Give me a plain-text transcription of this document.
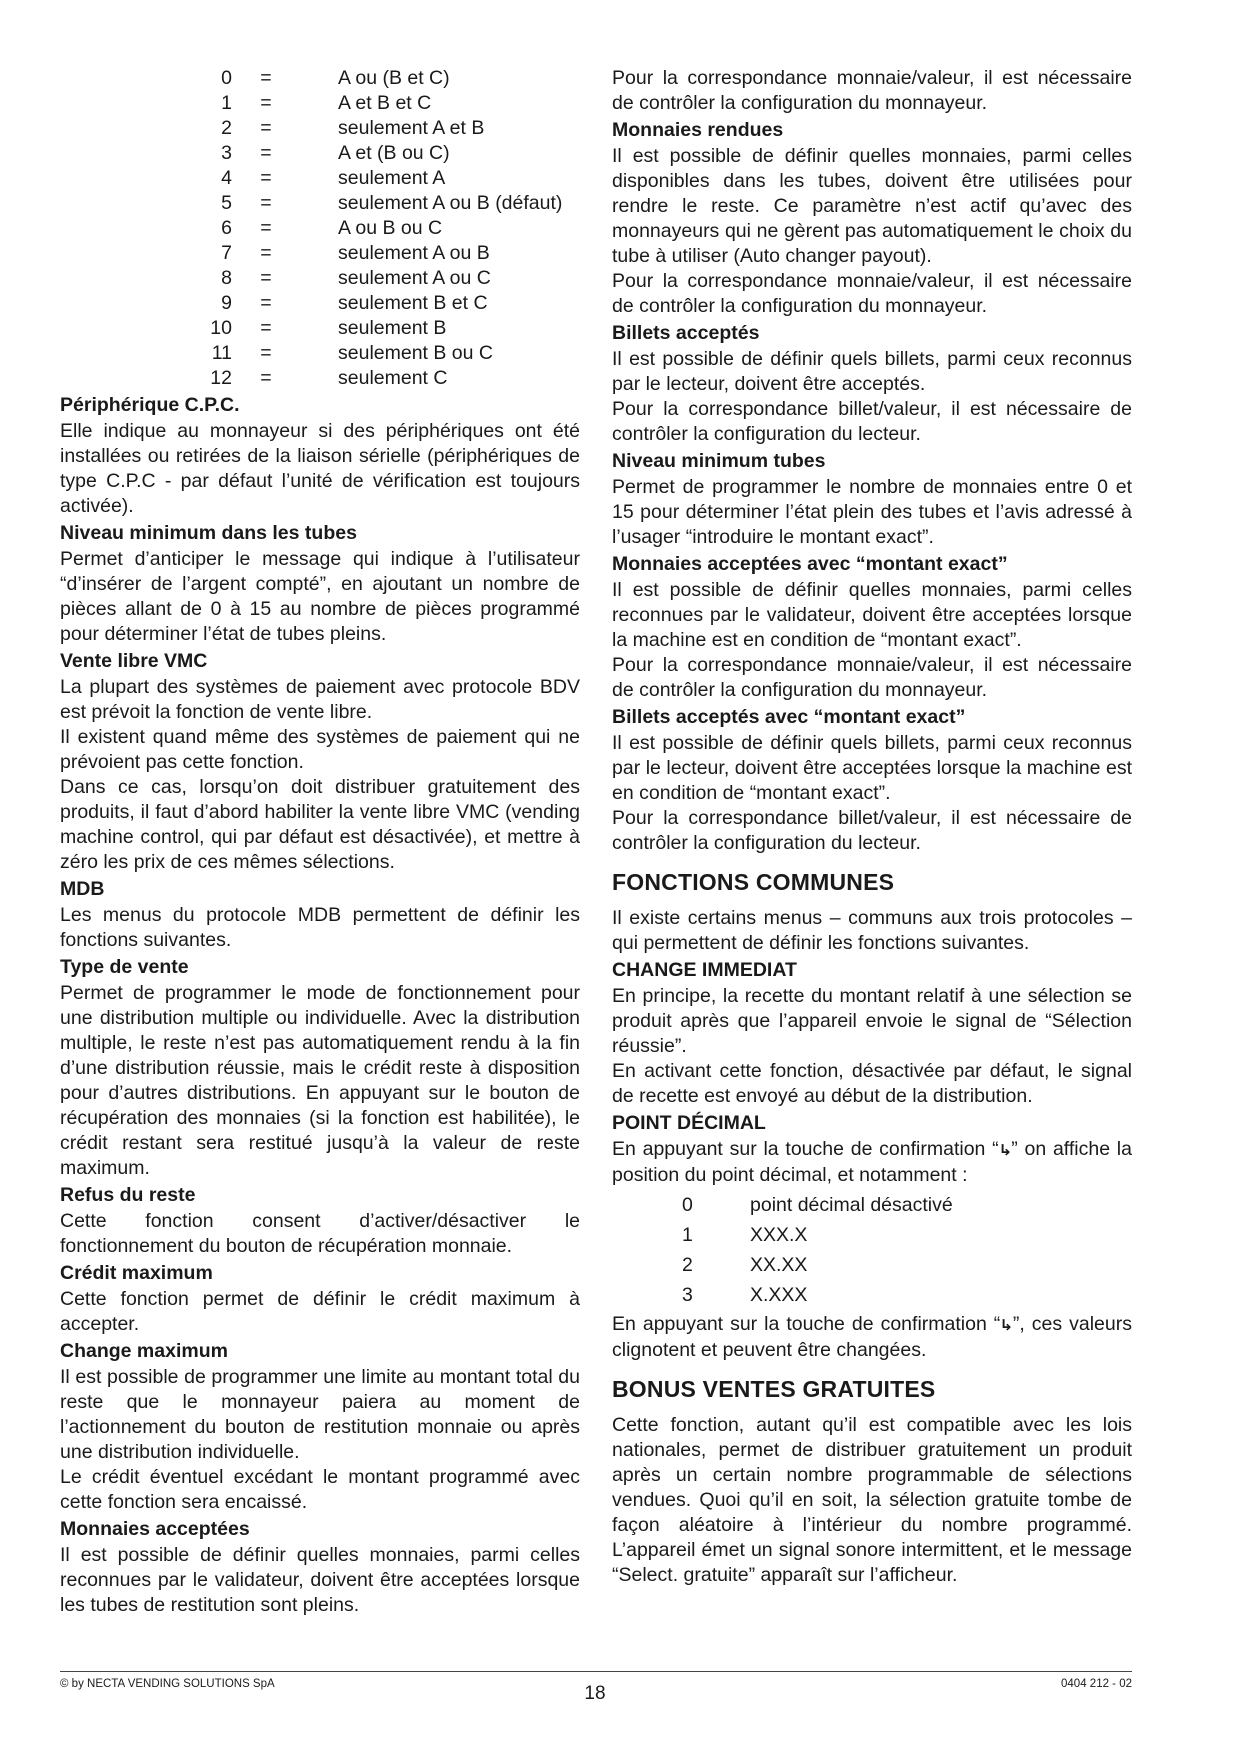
0	=	A ou (B et C)
1	=	A et B et C
2	=	seulement A et B
3	=	A et (B ou C)
4	=	seulement A
5	=	seulement A ou B (défaut)
6	=	A ou B ou C
7	=	seulement A ou B
8	=	seulement A ou C
9	=	seulement B et C
10	=	seulement B
11	=	seulement B ou C
12	=	seulement C
Périphérique C.P.C.

Elle indique au monnayeur si des périphériques ont été installées ou retirées de la liaison sérielle (périphériques de type C.P.C - par défaut l’unité de vérification est toujours activée).

Niveau minimum dans les tubes

Permet d’anticiper le message qui indique à l’utilisateur “d’insérer de l’argent compté”, en ajoutant un nombre de pièces allant de 0 à 15 au nombre de pièces programmé pour déterminer l’état de tubes pleins.

Vente libre VMC

La plupart des systèmes de paiement avec protocole BDV est prévoit la fonction de vente libre.

Il existent quand même des systèmes de paiement qui ne prévoient pas cette fonction.

Dans ce cas, lorsqu’on doit distribuer gratuitement des produits, il faut d’abord habiliter la vente libre VMC (vending machine control, qui par défaut est désactivée), et mettre à zéro les prix de ces mêmes sélections.

MDB

Les menus du protocole MDB permettent de définir les fonctions suivantes.

Type de vente

Permet de programmer le mode de fonctionnement pour une distribution multiple ou individuelle. Avec la distribution multiple, le reste n’est pas automatiquement rendu à la fin d’une distribution réussie, mais le crédit reste à disposition pour d’autres distributions. En appuyant sur le bouton de récupération des monnaies (si la fonction est habilitée), le crédit restant sera restitué jusqu’à la valeur de reste maximum.

Refus du reste

Cette fonction consent d’activer/désactiver le fonctionnement du bouton de récupération monnaie.

Crédit maximum

Cette fonction permet de définir le crédit maximum à accepter.

Change maximum

Il est possible de programmer une limite au montant total du reste que le monnayeur paiera au moment de l’actionnement du bouton de restitution monnaie ou après une distribution individuelle.

Le crédit éventuel excédant le montant programmé avec cette fonction sera encaissé.

Monnaies acceptées

Il est possible de définir quelles monnaies, parmi celles reconnues par le validateur, doivent être acceptées lorsque les tubes de restitution sont pleins.

Pour la correspondance monnaie/valeur, il est nécessaire de contrôler la configuration du monnayeur.

Monnaies rendues

Il est possible de définir quelles monnaies, parmi celles disponibles dans les tubes, doivent être utilisées pour rendre le reste. Ce paramètre n’est actif qu’avec des monnayeurs qui ne gèrent pas automatiquement le choix du tube à utiliser (Auto changer payout).

Pour la correspondance monnaie/valeur, il est nécessaire de contrôler la configuration du monnayeur.

Billets acceptés

Il est possible de définir quels billets, parmi ceux reconnus par le lecteur, doivent être acceptés.

Pour la correspondance billet/valeur, il est nécessaire de contrôler la configuration du lecteur.

Niveau minimum tubes

Permet de programmer le nombre de monnaies entre 0 et 15 pour déterminer l’état plein des tubes et l’avis adressé à l’usager “introduire le montant exact”.

Monnaies acceptées avec “montant exact”

Il est possible de définir quelles monnaies, parmi celles reconnues par le validateur, doivent être acceptées lorsque la machine est en condition de “montant exact”.

Pour la correspondance monnaie/valeur, il est nécessaire de contrôler la configuration du monnayeur.

Billets acceptés avec “montant exact”

Il est possible de définir quels billets, parmi ceux reconnus par le lecteur, doivent être acceptées lorsque la machine est en condition de “montant exact”.

Pour la correspondance billet/valeur, il est nécessaire de contrôler la configuration du lecteur.

FONCTIONS COMMUNES

Il existe certains menus – communs aux trois protocoles – qui permettent de définir les fonctions suivantes.

CHANGE IMMEDIAT

En principe, la recette du montant relatif à une sélection se produit après que l’appareil envoie le signal de “Sélection réussie”.

En activant cette fonction, désactivée par défaut, le signal de recette est envoyé au début de la distribution.

POINT DÉCIMAL

En appuyant sur la touche de confirmation “↳” on affiche la position du point décimal, et notamment :

0	point décimal désactivé
1	XXX.X
2	XX.XX
3	X.XXX

En appuyant sur la touche de confirmation “↳”, ces valeurs clignotent et peuvent être changées.

BONUS VENTES GRATUITES

Cette fonction, autant qu’il est compatible avec les lois nationales, permet de distribuer gratuitement un produit après un certain nombre programmable de sélections vendues. Quoi qu’il en soit, la sélection gratuite tombe de façon aléatoire à l’intérieur du nombre programmé. L’appareil émet un signal sonore intermittent, et le message “Select. gratuite” apparaît sur l’afficheur.

© by NECTA VENDING SOLUTIONS SpA	18	0404 212 - 02
